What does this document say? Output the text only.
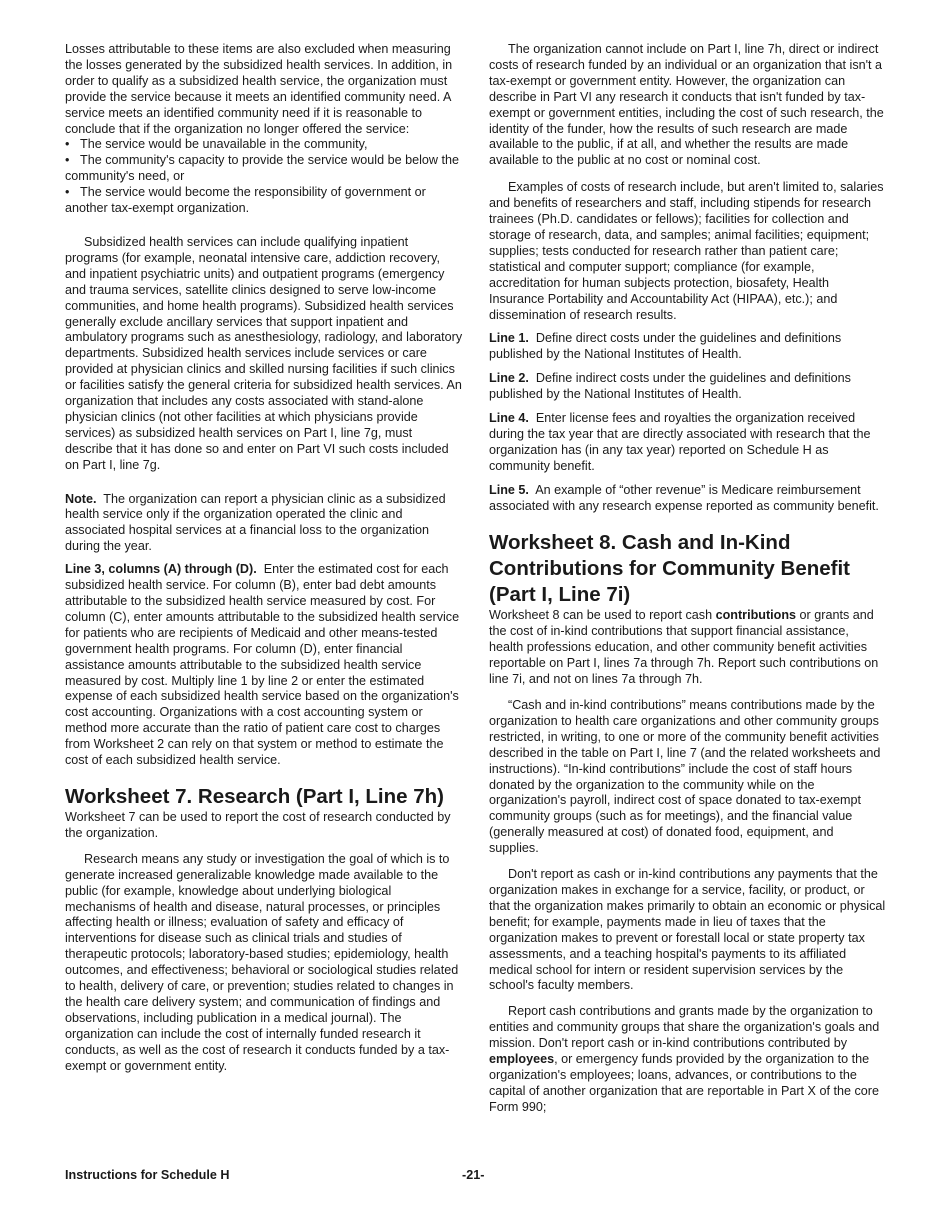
Losses attributable to these items are also excluded when measuring the losses generated by the subsidized health services. In addition, in order to qualify as a subsidized health service, the organization must provide the service because it meets an identified community need. A service meets an identified community need if it is reasonable to conclude that if the organization no longer offered the service:

• The service would be unavailable in the community,

• The community's capacity to provide the service would be below the community's need, or

• The service would become the responsibility of government or another tax-exempt organization.

Subsidized health services can include qualifying inpatient programs (for example, neonatal intensive care, addiction recovery, and inpatient psychiatric units) and outpatient programs (emergency and trauma services, satellite clinics designed to serve low-income communities, and home health programs). Subsidized health services generally exclude ancillary services that support inpatient and ambulatory programs such as anesthesiology, radiology, and laboratory departments. Subsidized health services include services or care provided at physician clinics and skilled nursing facilities if such clinics or facilities satisfy the general criteria for subsidized health services. An organization that includes any costs associated with stand-alone physician clinics (not other facilities at which physicians provide services) as subsidized health services on Part I, line 7g, must describe that it has done so and enter on Part VI such costs included on Part I, line 7g.

Note. The organization can report a physician clinic as a subsidized health service only if the organization operated the clinic and associated hospital services at a financial loss to the organization during the year.

Line 3, columns (A) through (D). Enter the estimated cost for each subsidized health service. For column (B), enter bad debt amounts attributable to the subsidized health service measured by cost. For column (C), enter amounts attributable to the subsidized health service for patients who are recipients of Medicaid and other means-tested government health programs. For column (D), enter financial assistance amounts attributable to the subsidized health service measured by cost. Multiply line 1 by line 2 or enter the estimated expense of each subsidized health service based on the organization's cost accounting. Organizations with a cost accounting system or method more accurate than the ratio of patient care cost to charges from Worksheet 2 can rely on that system or method to estimate the cost of each subsidized health service.

Worksheet 7. Research (Part I, Line 7h)

Worksheet 7 can be used to report the cost of research conducted by the organization.

Research means any study or investigation the goal of which is to generate increased generalizable knowledge made available to the public (for example, knowledge about underlying biological mechanisms of health and disease, natural processes, or principles affecting health or illness; evaluation of safety and efficacy of interventions for disease such as clinical trials and studies of therapeutic protocols; laboratory-based studies; epidemiology, health outcomes, and effectiveness; behavioral or sociological studies related to health, delivery of care, or prevention; studies related to changes in the health care delivery system; and communication of findings and observations, including publication in a medical journal). The organization can include the cost of internally funded research it conducts, as well as the cost of research it conducts funded by a tax-exempt or government entity.

The organization cannot include on Part I, line 7h, direct or indirect costs of research funded by an individual or an organization that isn't a tax-exempt or government entity. However, the organization can describe in Part VI any research it conducts that isn't funded by tax-exempt or government entities, including the cost of such research, the identity of the funder, how the results of such research are made available to the public, if at all, and whether the results are made available to the public at no cost or nominal cost.

Examples of costs of research include, but aren't limited to, salaries and benefits of researchers and staff, including stipends for research trainees (Ph.D. candidates or fellows); facilities for collection and storage of research, data, and samples; animal facilities; equipment; supplies; tests conducted for research rather than patient care; statistical and computer support; compliance (for example, accreditation for human subjects protection, biosafety, Health Insurance Portability and Accountability Act (HIPAA), etc.); and dissemination of research results.

Line 1. Define direct costs under the guidelines and definitions published by the National Institutes of Health.

Line 2. Define indirect costs under the guidelines and definitions published by the National Institutes of Health.

Line 4. Enter license fees and royalties the organization received during the tax year that are directly associated with research that the organization has (in any tax year) reported on Schedule H as community benefit.

Line 5. An example of “other revenue” is Medicare reimbursement associated with any research expense reported as community benefit.

Worksheet 8. Cash and In-Kind Contributions for Community Benefit (Part I, Line 7i)

Worksheet 8 can be used to report cash contributions or grants and the cost of in-kind contributions that support financial assistance, health professions education, and other community benefit activities reportable on Part I, lines 7a through 7h. Report such contributions on line 7i, and not on lines 7a through 7h.

“Cash and in-kind contributions” means contributions made by the organization to health care organizations and other community groups restricted, in writing, to one or more of the community benefit activities described in the table on Part I, line 7 (and the related worksheets and instructions). “In-kind contributions” include the cost of staff hours donated by the organization to the community while on the organization's payroll, indirect cost of space donated to tax-exempt community groups (such as for meetings), and the financial value (generally measured at cost) of donated food, equipment, and supplies.

Don't report as cash or in-kind contributions any payments that the organization makes in exchange for a service, facility, or product, or that the organization makes primarily to obtain an economic or physical benefit; for example, payments made in lieu of taxes that the organization makes to prevent or forestall local or state property tax assessments, and a teaching hospital's payments to its affiliated medical school for intern or resident supervision services by the school's faculty members.

Report cash contributions and grants made by the organization to entities and community groups that share the organization's goals and mission. Don't report cash or in-kind contributions contributed by employees, or emergency funds provided by the organization to the organization's employees; loans, advances, or contributions to the capital of another organization that are reportable in Part X of the core Form 990;

Instructions for Schedule H	-21-
